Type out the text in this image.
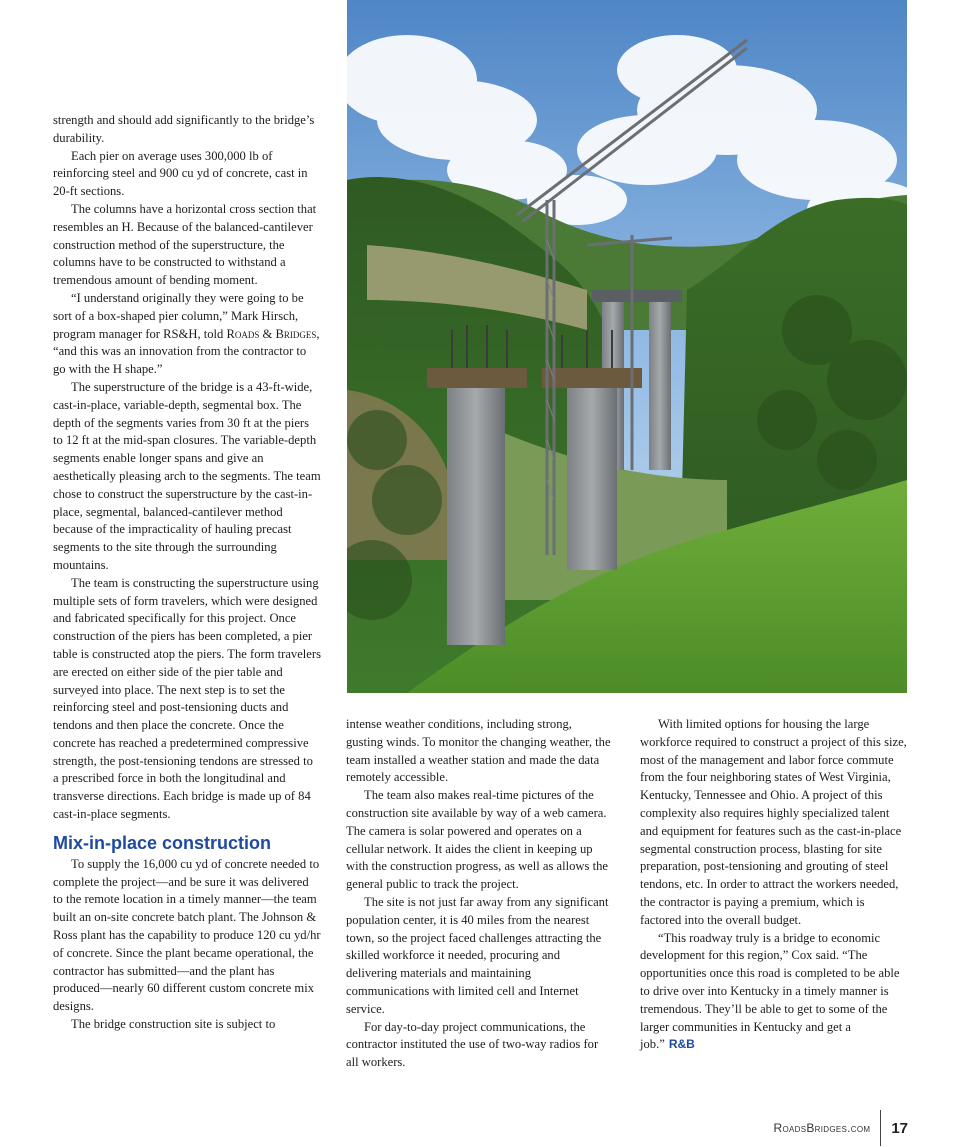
strength and should add significantly to the bridge’s durability.

Each pier on average uses 300,000 lb of reinforcing steel and 900 cu yd of concrete, cast in 20-ft sections.

The columns have a horizontal cross section that resembles an H. Because of the balanced-cantilever construction method of the superstructure, the columns have to be constructed to withstand a tremendous amount of bending moment.

“I understand originally they were going to be sort of a box-shaped pier column,” Mark Hirsch, program manager for RS&H, told Roads & Bridges, “and this was an innovation from the contractor to go with the H shape.”

The superstructure of the bridge is a 43-ft-wide, cast-in-place, variable-depth, segmental box. The depth of the segments varies from 30 ft at the piers to 12 ft at the mid-span closures. The variable-depth segments enable longer spans and give an aesthetically pleasing arch to the segments. The team chose to construct the superstructure by the cast-in-place, segmental, balanced-cantilever method because of the impracticality of hauling precast segments to the site through the surrounding mountains.

The team is constructing the superstructure using multiple sets of form travelers, which were designed and fabricated specifically for this project. Once construction of the piers has been completed, a pier table is constructed atop the piers. The form travelers are erected on either side of the pier table and surveyed into place. The next step is to set the reinforcing steel and post-tensioning ducts and tendons and then place the concrete. Once the concrete has reached a predetermined compressive strength, the post-tensioning tendons are stressed to a prescribed force in both the longitudinal and transverse directions. Each bridge is made up of 84 cast-in-place segments.

Mix-in-place construction

To supply the 16,000 cu yd of concrete needed to complete the project—and be sure it was delivered to the remote location in a timely manner—the team built an on-site concrete batch plant. The Johnson & Ross plant has the capability to produce 120 cu yd/hr of concrete. Since the plant became operational, the contractor has submitted—and the plant has produced—nearly 60 different custom concrete mix designs.

The bridge construction site is subject to

intense weather conditions, including strong, gusting winds. To monitor the changing weather, the team installed a weather station and made the data remotely accessible.

The team also makes real-time pictures of the construction site available by way of a web camera. The camera is solar powered and operates on a cellular network. It aides the client in keeping up with the construction progress, as well as allows the general public to track the project.

The site is not just far away from any significant population center, it is 40 miles from the nearest town, so the project faced challenges attracting the skilled workforce it needed, procuring and delivering materials and maintaining communications with limited cell and Internet service.

For day-to-day project communications, the contractor instituted the use of two-way radios for all workers.

With limited options for housing the large workforce required to construct a project of this size, most of the management and labor force commute from the four neighboring states of West Virginia, Kentucky, Tennessee and Ohio. A project of this complexity also requires highly specialized talent and equipment for features such as the cast-in-place segmental construction process, blasting for site preparation, post-tensioning and grouting of steel tendons, etc. In order to attract the workers needed, the contractor is paying a premium, which is factored into the overall budget.

“This roadway truly is a bridge to economic development for this region,” Cox said. “The opportunities once this road is completed to be able to drive over into Kentucky in a timely manner is tremendous. They’ll be able to get to some of the larger communities in Kentucky and get a job.” R&B

RoadsBridges.com 17
